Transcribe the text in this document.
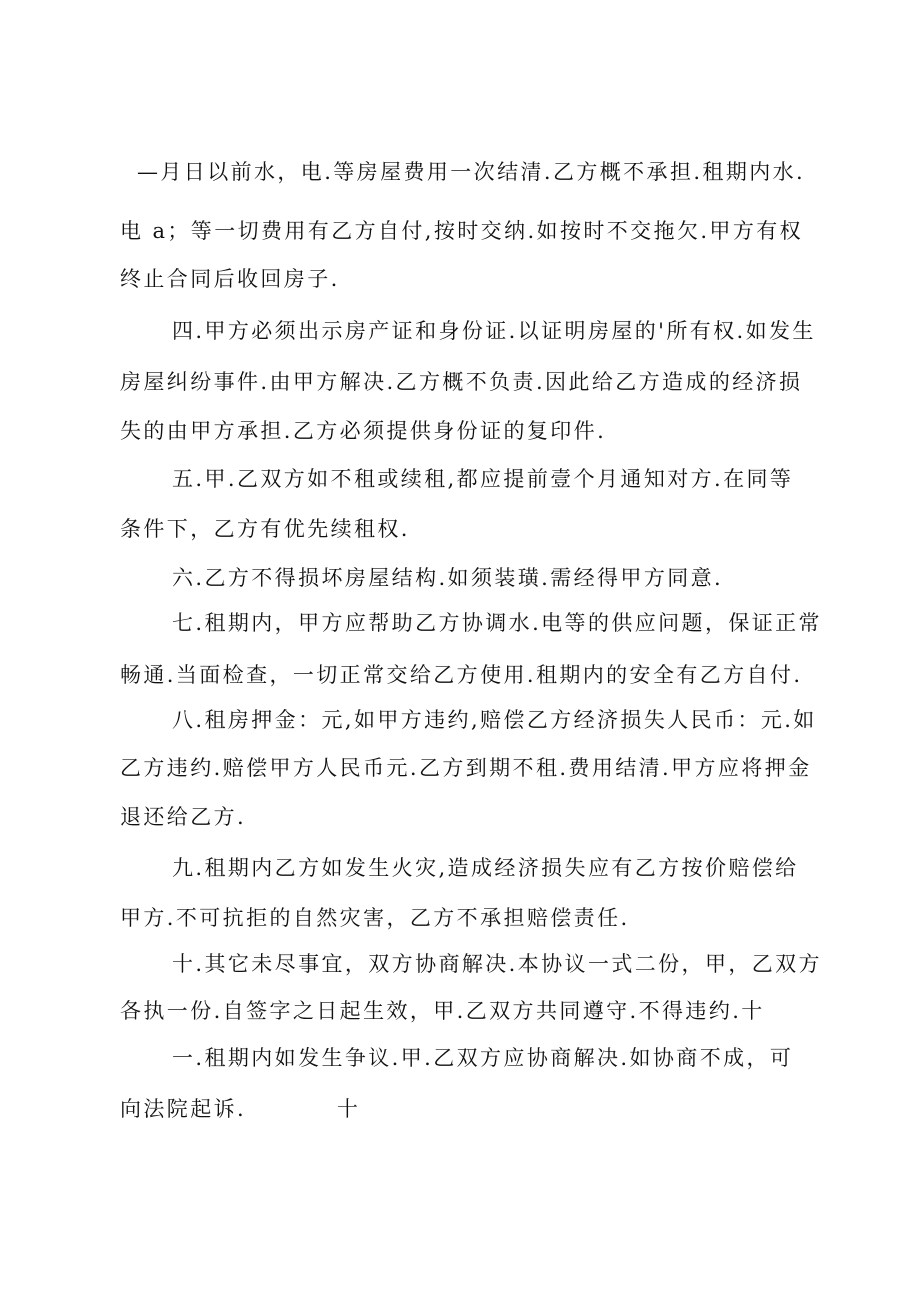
—月日以前水，电.等房屋费用一次结清.乙方概不承担.租期内水.
电 a；等一切费用有乙方自付,按时交纳.如按时不交拖欠.甲方有权
终止合同后收回房子.
四.甲方必须出示房产证和身份证.以证明房屋的'所有权.如发生
房屋纠纷事件.由甲方解决.乙方概不负责.因此给乙方造成的经济损
失的由甲方承担.乙方必须提供身份证的复印件.
五.甲.乙双方如不租或续租,都应提前壹个月通知对方.在同等
条件下，乙方有优先续租权.
六.乙方不得损坏房屋结构.如须装璜.需经得甲方同意.
七.租期内，甲方应帮助乙方协调水.电等的供应问题，保证正常
畅通.当面检查，一切正常交给乙方使用.租期内的安全有乙方自付.
八.租房押金：元,如甲方违约,赔偿乙方经济损失人民币：元.如
乙方违约.赔偿甲方人民币元.乙方到期不租.费用结清.甲方应将押金
退还给乙方.
九.租期内乙方如发生火灾,造成经济损失应有乙方按价赔偿给
甲方.不可抗拒的自然灾害，乙方不承担赔偿责任.
十.其它未尽事宜，双方协商解决.本协议一式二份，甲，乙双方
各执一份.自签字之日起生效，甲.乙双方共同遵守.不得违约.十
一.租期内如发生争议.甲.乙双方应协商解决.如协商不成，可
向法院起诉.          十
